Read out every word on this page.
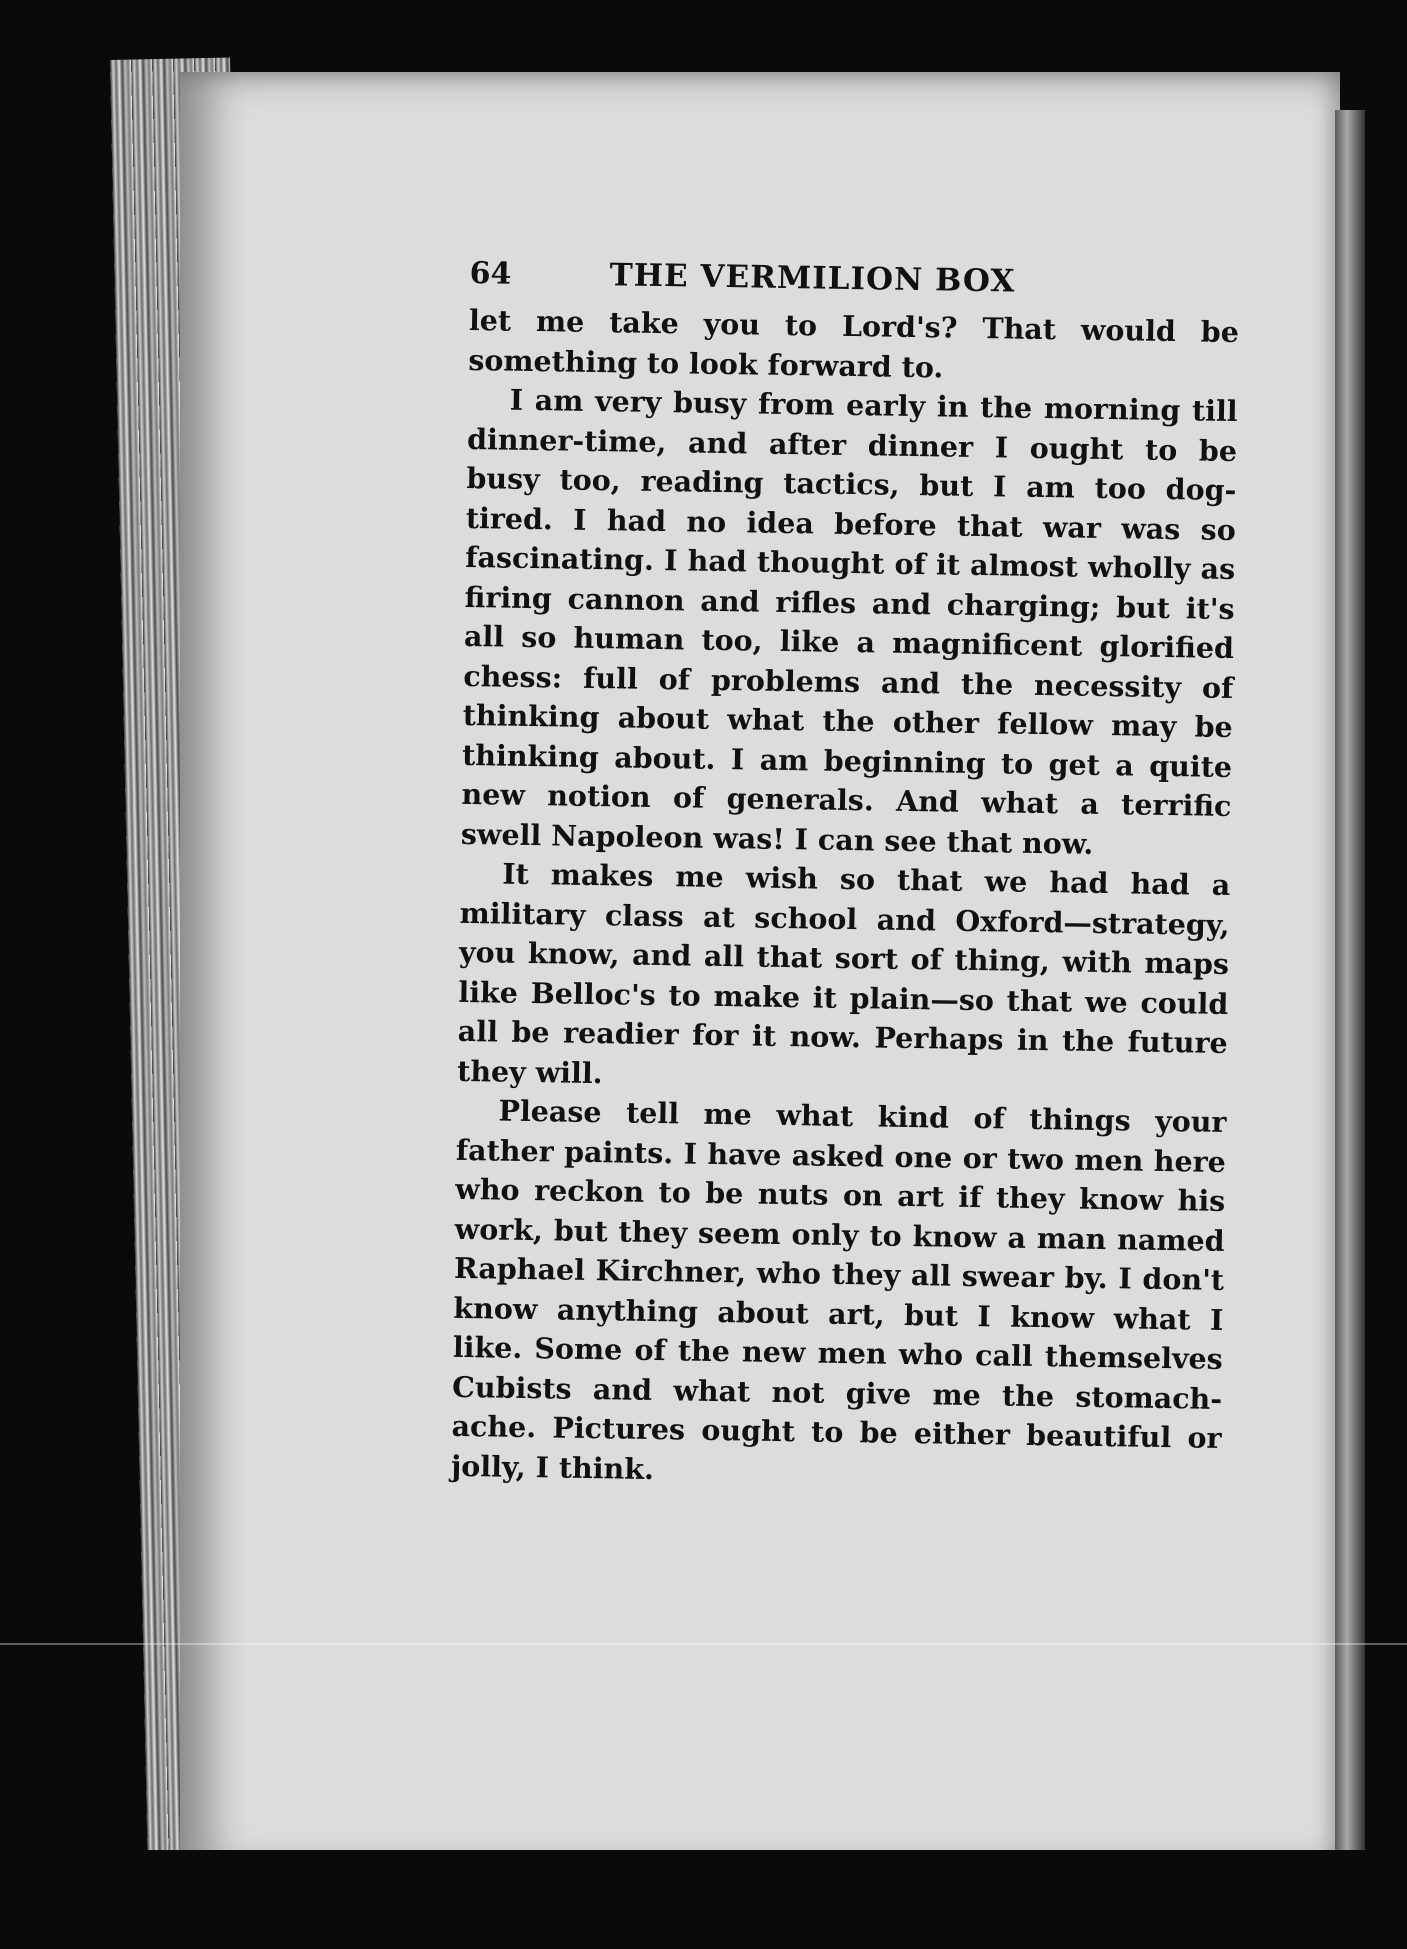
64	THE VERMILION BOX

let me take you to Lord's? That would be something to look forward to.

I am very busy from early in the morning till dinner-time, and after dinner I ought to be busy too, reading tactics, but I am too dog-tired. I had no idea before that war was so fascinating. I had thought of it almost wholly as firing cannon and rifles and charging; but it's all so human too, like a magnificent glorified chess: full of problems and the necessity of thinking about what the other fellow may be thinking about. I am beginning to get a quite new notion of generals. And what a terrific swell Napoleon was! I can see that now.

It makes me wish so that we had had a military class at school and Oxford—strategy, you know, and all that sort of thing, with maps like Belloc's to make it plain—so that we could all be readier for it now. Perhaps in the future they will.

Please tell me what kind of things your father paints. I have asked one or two men here who reckon to be nuts on art if they know his work, but they seem only to know a man named Raphael Kirchner, who they all swear by. I don't know anything about art, but I know what I like. Some of the new men who call themselves Cubists and what not give me the stomach-ache. Pictures ought to be either beautiful or jolly, I think.
